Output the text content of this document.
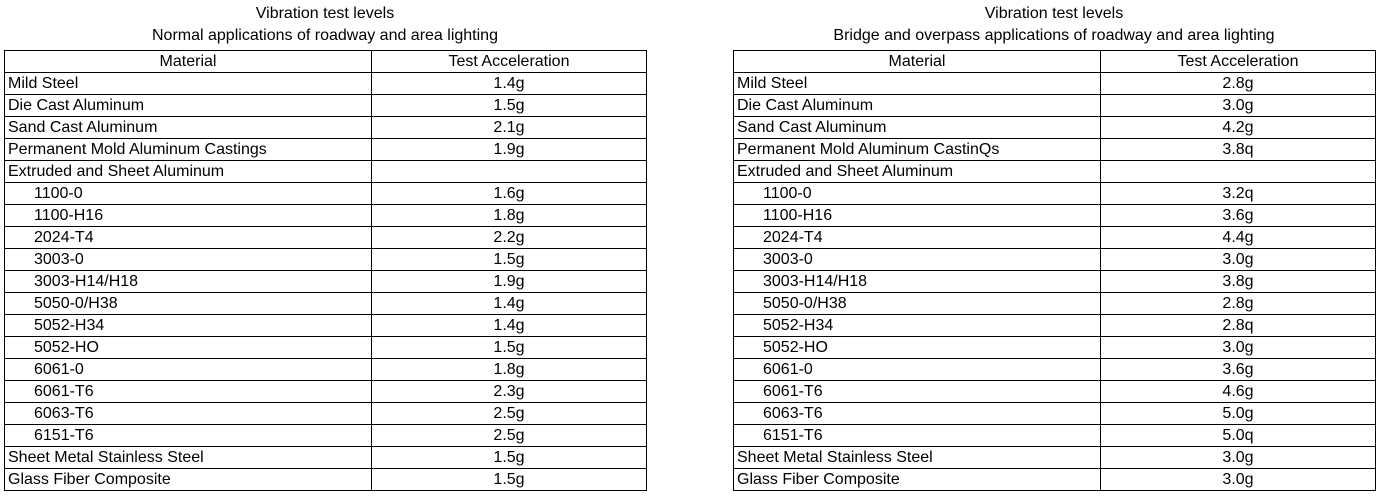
Vibration test levels
Normal applications of roadway and area lighting
Material	Test Acceleration
Mild Steel	1.4g
Die Cast Aluminum	1.5g
Sand Cast Aluminum	2.1g
Permanent Mold Aluminum Castings	1.9g
Extruded and Sheet Aluminum	
1100-0	1.6g
1100-H16	1.8g
2024-T4	2.2g
3003-0	1.5g
3003-H14/H18	1.9g
5050-0/H38	1.4g
5052-H34	1.4g
5052-HO	1.5g
6061-0	1.8g
6061-T6	2.3g
6063-T6	2.5g
6151-T6	2.5g
Sheet Metal Stainless Steel	1.5g
Glass Fiber Composite	1.5g
Vibration test levels
Bridge and overpass applications of roadway and area lighting
Material	Test Acceleration
Mild Steel	2.8g
Die Cast Aluminum	3.0g
Sand Cast Aluminum	4.2g
Permanent Mold Aluminum CastinQs	3.8q
Extruded and Sheet Aluminum	
1100-0	3.2q
1100-H16	3.6g
2024-T4	4.4g
3003-0	3.0g
3003-H14/H18	3.8g
5050-0/H38	2.8g
5052-H34	2.8q
5052-HO	3.0g
6061-0	3.6g
6061-T6	4.6g
6063-T6	5.0g
6151-T6	5.0q
Sheet Metal Stainless Steel	3.0g
Glass Fiber Composite	3.0g
